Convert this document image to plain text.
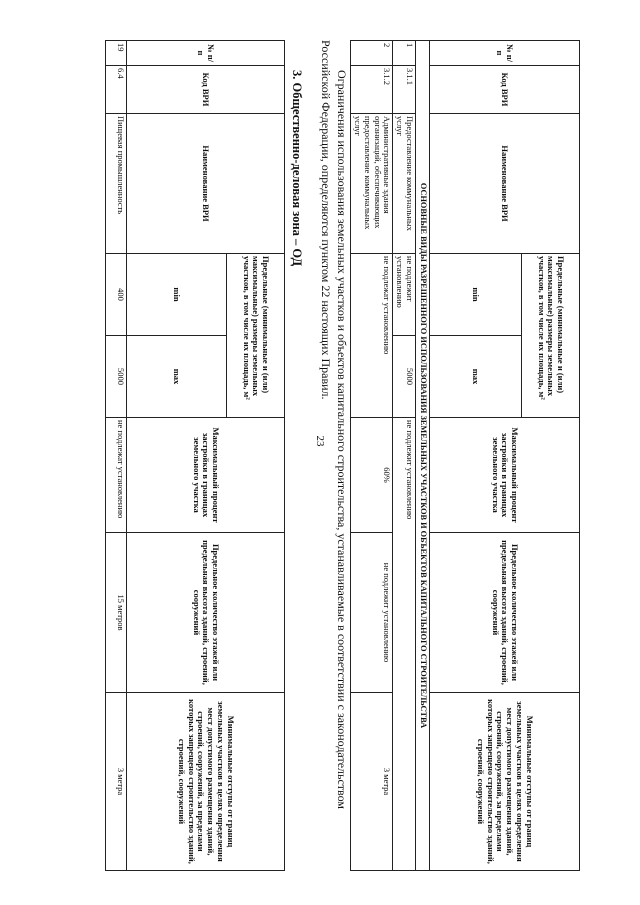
23
№ п/п	Код ВРИ	Наименование ВРИ	Предельные (минимальные и (или) максимальные) размеры земельных участков, в том числе их площадь, м²		Максимальный процент застройки в границах земельного участка	Предельное количество этажей или предельная высота зданий, строений, сооружений	Минимальные отступы от границ земельных участков в целях определения мест допустимого размещения зданий, строений, сооружений, за пределами которых запрещено строительство зданий, строений, сооружений
			min	max			
19	6.4	Пищевая промышленность	400	5000	не подлежат установлению	15 метров	3 метра	Ограничения использования земельных участков и объектов капитального строительства, устанавливаемые в соответствии с законодательством Российской Федерации, определяются пунктом 22 настоящих Правил.
3. Общественно-деловая зона – ОД
№ п/п	Код ВРИ	Наименование ВРИ	Предельные (минимальные и (или) максимальные) размеры земельных участков, в том числе их площадь, м²		Максимальный процент застройки в границах земельного участка	Предельное количество этажей или предельная высота зданий, строений, сооружений	Минимальные отступы от границ земельных участков в целях определения мест допустимого размещения зданий, строений, сооружений, за пределами которых запрещено строительство зданий, строений, сооружений
			min	max			
ОСНОВНЫЕ ВИДЫ РАЗРЕШЕННОГО ИСПОЛЬЗОВАНИЯ ЗЕМЕЛЬНЫХ УЧАСТКОВ И ОБЪЕКТОВ КАПИТАЛЬНОГО СТРОИТЕЛЬСТВА							
1	3.1.1	Предоставление коммунальных услуг	не подлежит установлению	5000	не подлежит установлению		
2	3.1.2	Административные здания организаций, обеспечивающих предоставление коммунальных услуг	не подлежат установлению		60%	не подлежит установлению	3 метра
